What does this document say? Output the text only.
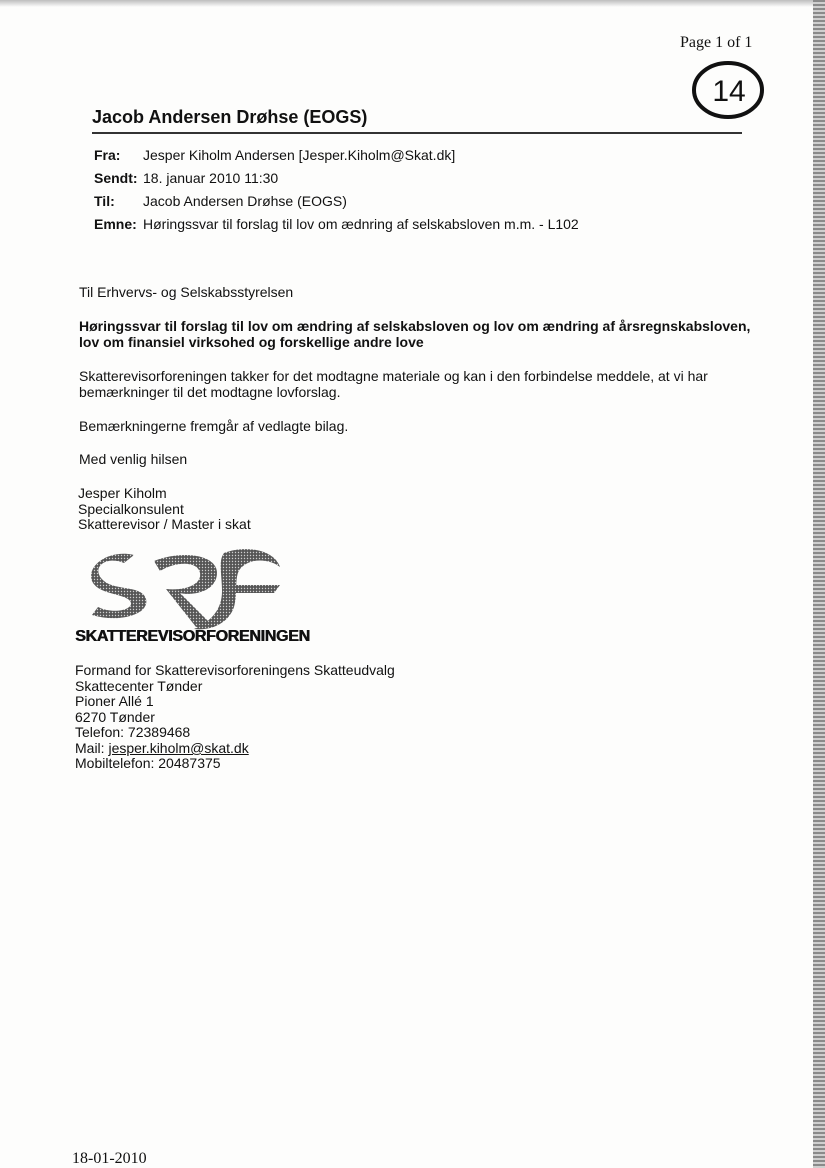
Page 1 of 1
14
Jacob Andersen Drøhse (EOGS)
Fra: Jesper Kiholm Andersen [Jesper.Kiholm@Skat.dk]
Sendt: 18. januar 2010 11:30
Til: Jacob Andersen Drøhse (EOGS)
Emne: Høringssvar til forslag til lov om ædnring af selskabsloven m.m. - L102
Til Erhvervs- og Selskabsstyrelsen
Høringssvar til forslag til lov om ændring af selskabsloven og lov om ændring af årsregnskabsloven,
lov om finansiel virksohed og forskellige andre love
Skatterevisorforeningen takker for det modtagne materiale og kan i den forbindelse meddele, at vi har
bemærkninger til det modtagne lovforslag.
Bemærkningerne fremgår af vedlagte bilag.
Med venlig hilsen
Jesper Kiholm
Specialkonsulent
Skatterevisor / Master i skat
SKATTEREVISORFORENINGEN
Formand for Skatterevisorforeningens Skatteudvalg
Skattecenter Tønder
Pioner Allé 1
6270 Tønder
Telefon: 72389468
Mail: jesper.kiholm@skat.dk
Mobiltelefon: 20487375
18-01-2010
